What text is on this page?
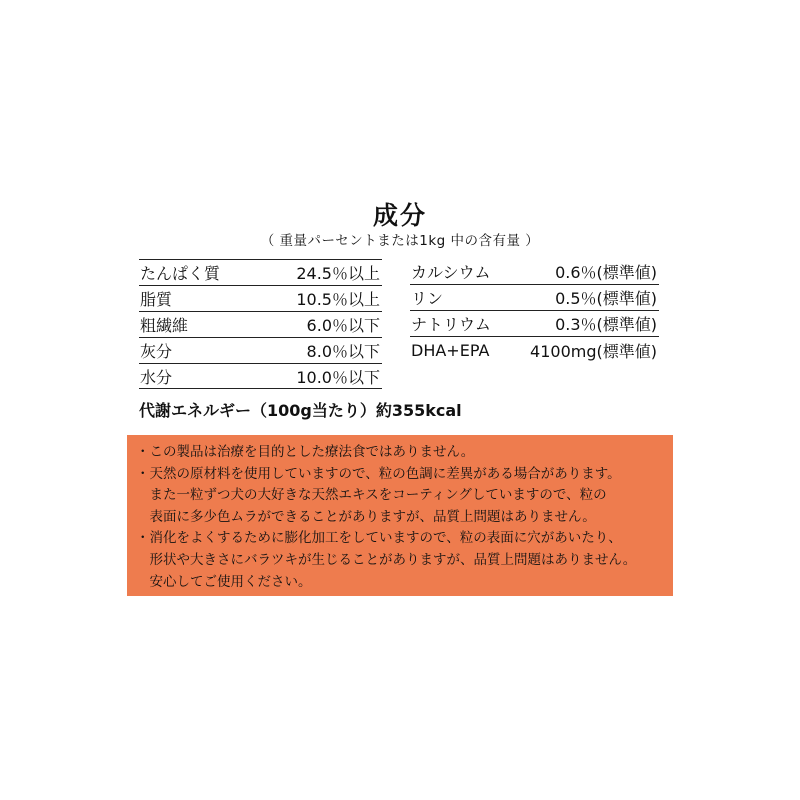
成分
（ 重量パーセントまたは1kg 中の含有量 ）
たんぱく質	24.5％以上
脂質	10.5％以上
粗繊維	6.0％以下
灰分	8.0％以下
水分	10.0％以下
カルシウム	0.6％(標準値)
リン	0.5％(標準値)
ナトリウム	0.3％(標準値)
DHA+EPA	4100mg(標準値)
代謝エネルギー（100g当たり）約355kcal
・この製品は治療を目的とした療法食ではありません。
・天然の原材料を使用していますので、粒の色調に差異がある場合があります。
　また一粒ずつ犬の大好きな天然エキスをコーティングしていますので、粒の
　表面に多少色ムラができることがありますが、品質上問題はありません。
・消化をよくするために膨化加工をしていますので、粒の表面に穴があいたり、
　形状や大きさにバラツキが生じることがありますが、品質上問題はありません。
　安心してご使用ください。
